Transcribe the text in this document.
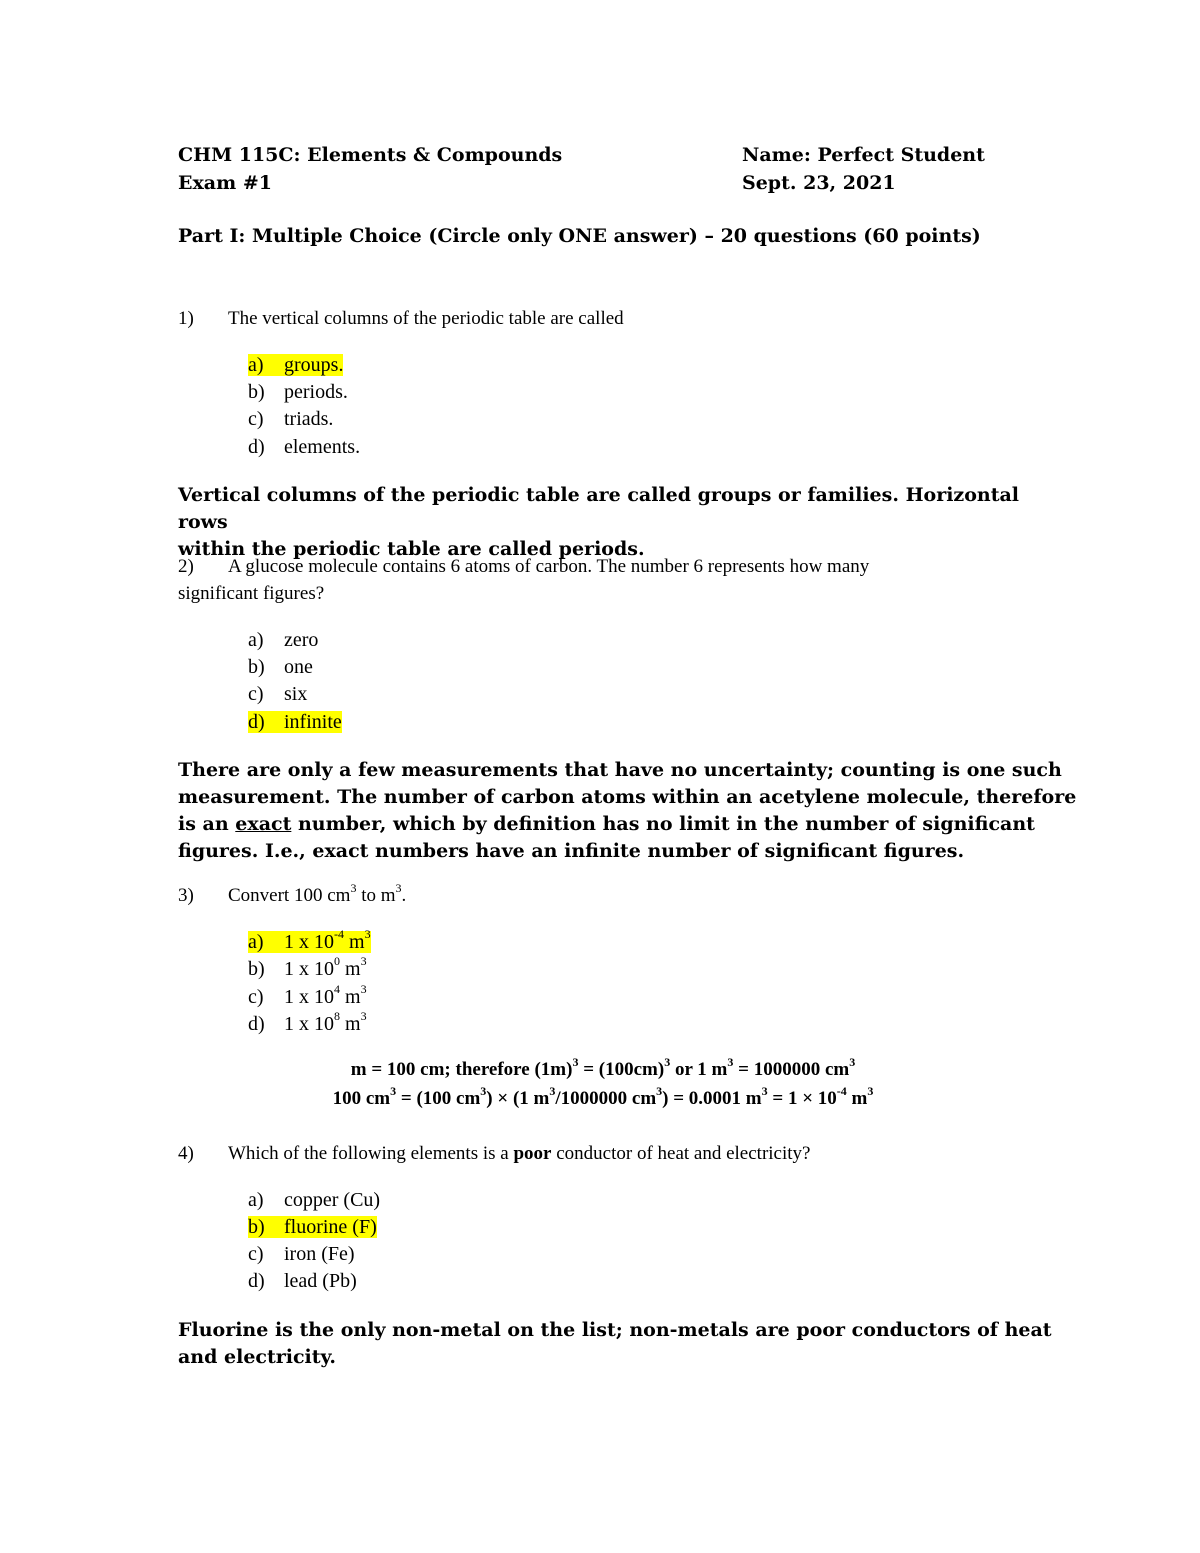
CHM 115C: Elements & Compounds
Exam #1
Name: Perfect Student
Sept. 23, 2021
Part I: Multiple Choice (Circle only ONE answer) – 20 questions (60 points)
1) The vertical columns of the periodic table are called
a) groups.
b) periods.
c) triads.
d) elements.
Vertical columns of the periodic table are called groups or families. Horizontal rows
within the periodic table are called periods.
2) A glucose molecule contains 6 atoms of carbon. The number 6 represents how many
significant figures?
a) zero
b) one
c) six
d) infinite
There are only a few measurements that have no uncertainty; counting is one such
measurement. The number of carbon atoms within an acetylene molecule, therefore
is an exact number, which by definition has no limit in the number of significant
figures. I.e., exact numbers have an infinite number of significant figures.
3) Convert 100 $cm^3$ to $m^3$.
a) 1 x $10^{-4}$ $m^3$
b) 1 x $10^0$ $m^3$
c) 1 x $10^4$ $m^3$
d) 1 x $10^8$ $m^3$
m = 100 cm; therefore $(1m)^3 = (100cm)^3$ or 1 $m^3 = 1000000$ $cm^3$
100 $cm^3 = (100$ $cm^3) \times (1$ $m^3/1000000$ $cm^3) = 0.0001$ $m^3 = 1 \times 10^{-4}$ $m^3$
4) Which of the following elements is a poor conductor of heat and electricity?
a) copper (Cu)
b) fluorine (F)
c) iron (Fe)
d) lead (Pb)
Fluorine is the only non-metal on the list; non-metals are poor conductors of heat
and electricity.
